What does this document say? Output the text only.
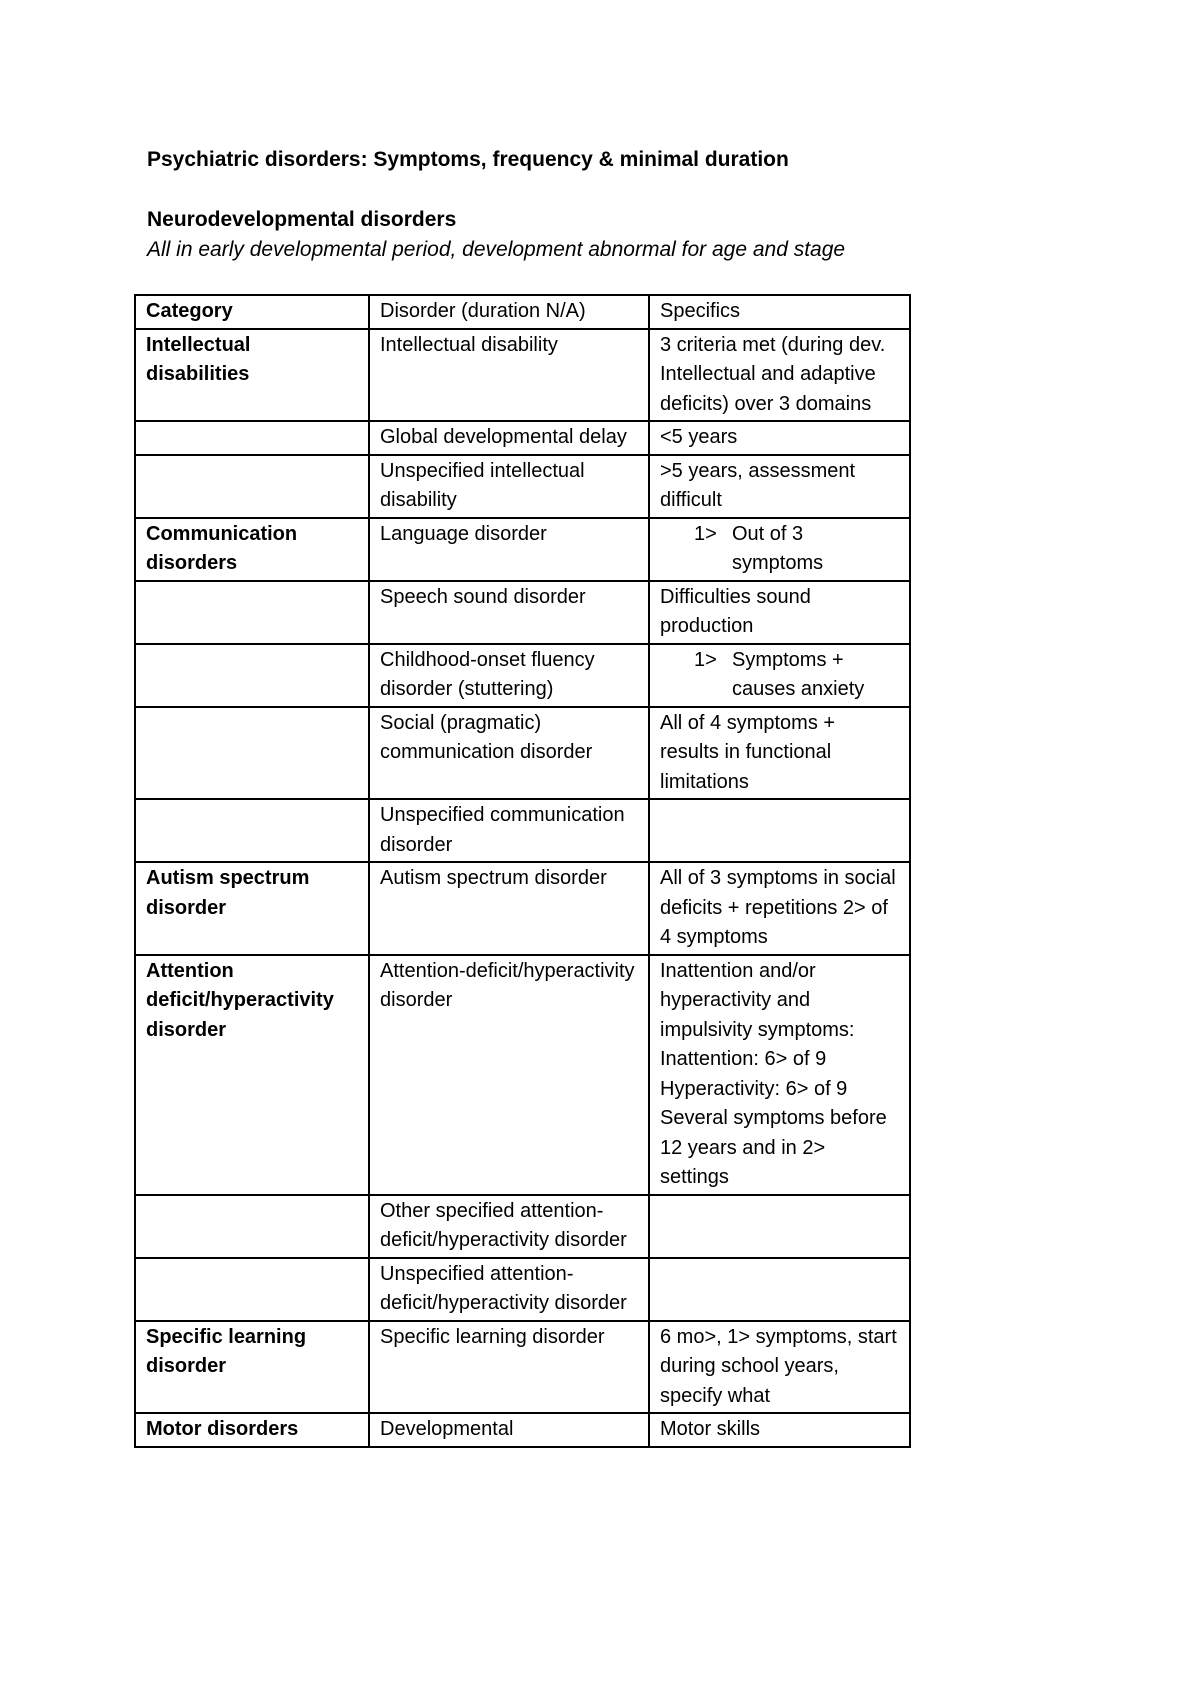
Psychiatric disorders: Symptoms, frequency & minimal duration
Neurodevelopmental disorders
All in early developmental period, development abnormal for age and stage
Category	Disorder (duration N/A)	Specifics
Intellectual disabilities	Intellectual disability	3 criteria met (during dev. Intellectual and adaptive deficits) over 3 domains
	Global developmental delay	<5 years
	Unspecified intellectual disability	>5 years, assessment difficult
Communication disorders	Language disorder	1> Out of 3 symptoms

	Speech sound disorder	Difficulties sound production
	Childhood-onset fluency disorder (stuttering)	1> Symptoms + causes anxiety

	Social (pragmatic) communication disorder	All of 4 symptoms + results in functional limitations
	Unspecified communication disorder	
Autism spectrum disorder	Autism spectrum disorder	All of 3 symptoms in social deficits + repetitions 2> of 4 symptoms
Attention deficit/hyperactivity disorder	Attention-deficit/hyperactivity disorder	Inattention and/or hyperactivity and impulsivity symptoms:
Inattention: 6> of 9
Hyperactivity: 6> of 9
Several symptoms before 12 years and in 2> settings

	Other specified attention-deficit/hyperactivity disorder	
	Unspecified attention-deficit/hyperactivity disorder	
Specific learning disorder	Specific learning disorder	6 mo>, 1> symptoms, start during school years, specify what
Motor disorders	Developmental	Motor skills
